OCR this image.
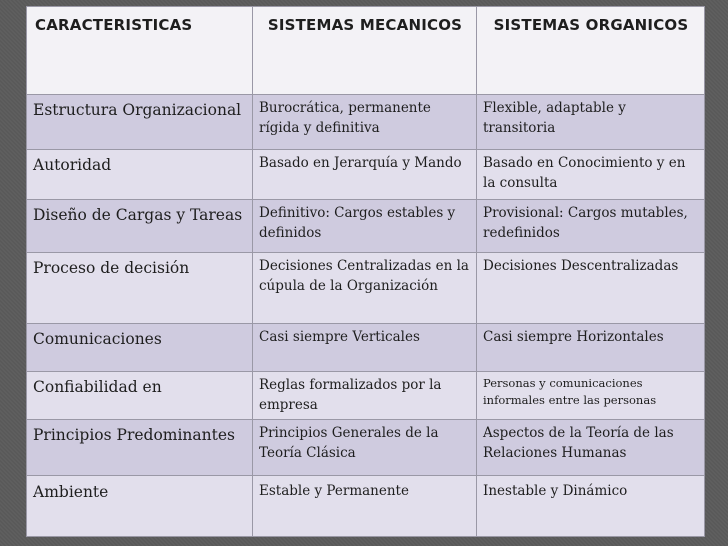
CARACTERISTICAS	SISTEMAS MECANICOS	SISTEMAS ORGANICOS
Estructura Organizacional	Burocrática, permanente rígida y definitiva	Flexible, adaptable y transitoria
Autoridad	Basado en Jerarquía y Mando	Basado en Conocimiento y en la consulta
Diseño de Cargas y Tareas	Definitivo: Cargos estables y definidos	Provisional: Cargos mutables, redefinidos
Proceso de decisión	Decisiones Centralizadas en la cúpula de la Organización	Decisiones Descentralizadas
Comunicaciones	Casi siempre Verticales	Casi siempre Horizontales
Confiabilidad en	Reglas formalizados por la empresa	Personas y comunicaciones informales entre las personas
Principios Predominantes	Principios Generales de la Teoría Clásica	Aspectos de la Teoría de las Relaciones Humanas
Ambiente	Estable y Permanente	Inestable y Dinámico
